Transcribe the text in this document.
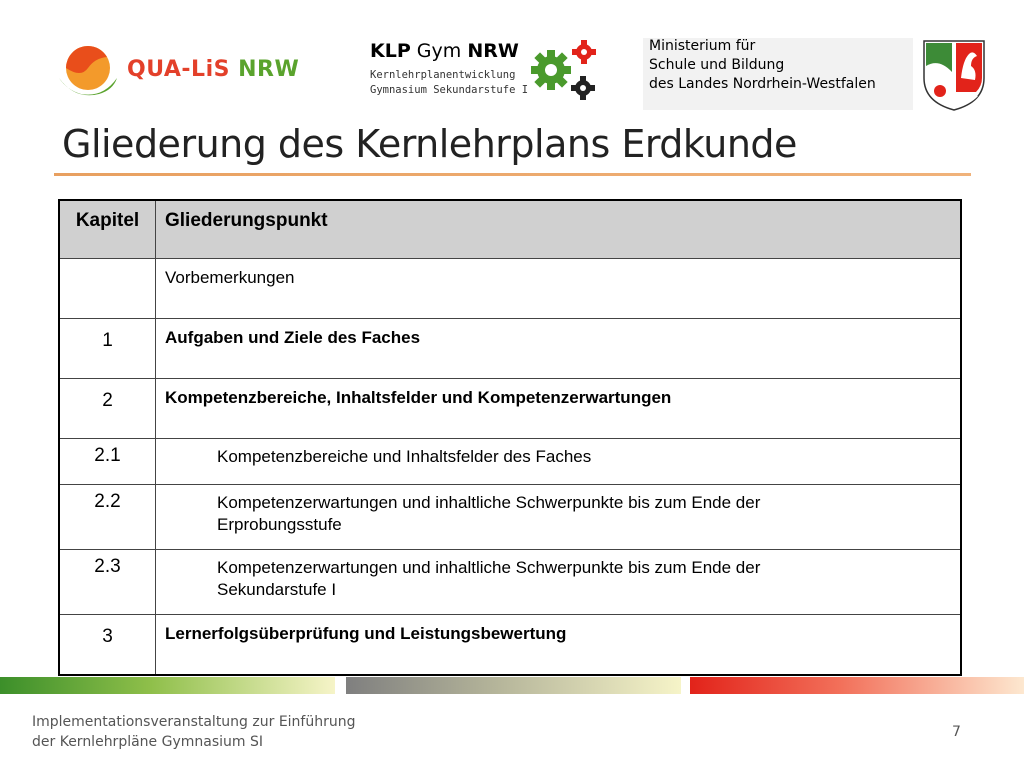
QUA-LiS NRW
KLP Gym NRW
Kernlehrplanentwicklung
Gymnasium Sekundarstufe I
Ministerium für
Schule und Bildung
des Landes Nordrhein-Westfalen
Gliederung des Kernlehrplans Erdkunde
Kapitel	Gliederungspunkt
	Vorbemerkungen
1	Aufgaben und Ziele des Faches
2	Kompetenzbereiche, Inhaltsfelder und Kompetenzerwartungen
2.1	Kompetenzbereiche und Inhaltsfelder des Faches
2.2	Kompetenzerwartungen und inhaltliche Schwerpunkte bis zum Ende der
Erprobungsstufe

2.3	Kompetenzerwartungen und inhaltliche Schwerpunkte bis zum Ende der
Sekundarstufe I

3	Lernerfolgsüberprüfung und Leistungsbewertung
Implementationsveranstaltung zur Einführung
der Kernlehrpläne Gymnasium SI
7
